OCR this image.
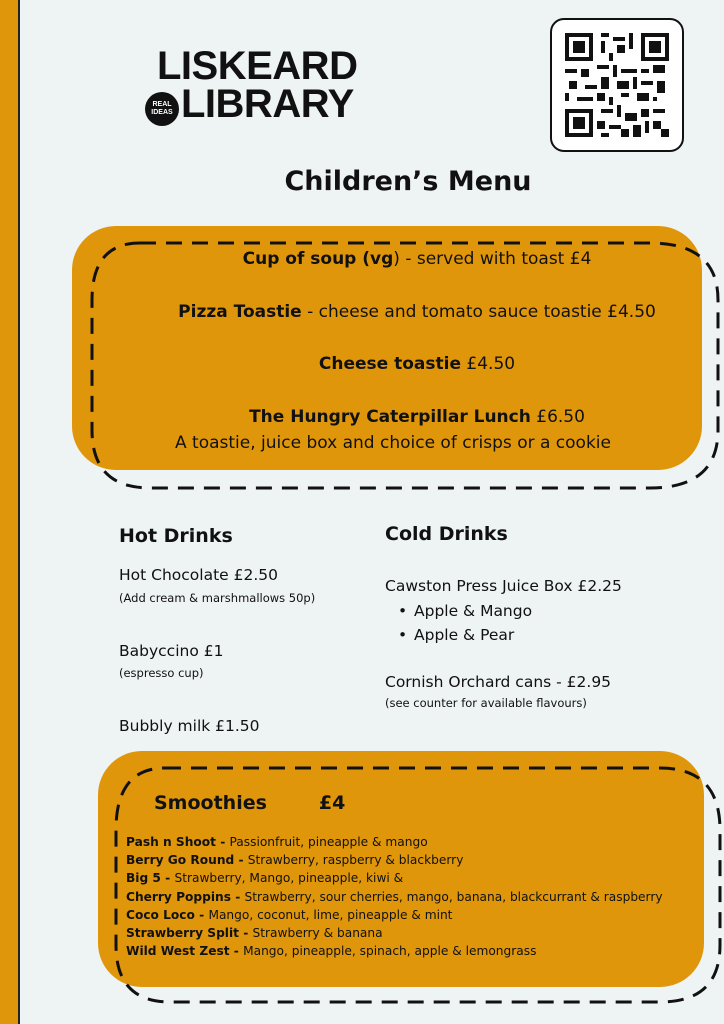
LISKEARD
REAL
IDEAS LIBRARY
Children’s Menu
Cup of soup (vg) - served with toast £4
Pizza Toastie - cheese and tomato sauce toastie £4.50
Cheese toastie £4.50
The Hungry Caterpillar Lunch £6.50
A toastie, juice box and choice of crisps or a cookie
Hot Drinks
Hot Chocolate £2.50
(Add cream & marshmallows 50p)
Babyccino £1
(espresso cup)
Bubbly milk £1.50
Cold Drinks
Cawston Press Juice Box £2.25
• Apple & Mango
• Apple & Pear
Cornish Orchard cans - £2.95
(see counter for available flavours)
Smoothies	£4
Pash n Shoot - Passionfruit, pineapple & mango
Berry Go Round - Strawberry, raspberry & blackberry
Big 5 - Strawberry, Mango, pineapple, kiwi &
Cherry Poppins - Strawberry, sour cherries, mango, banana, blackcurrant & raspberry
Coco Loco - Mango, coconut, lime, pineapple & mint
Strawberry Split - Strawberry & banana
Wild West Zest - Mango, pineapple, spinach, apple & lemongrass
